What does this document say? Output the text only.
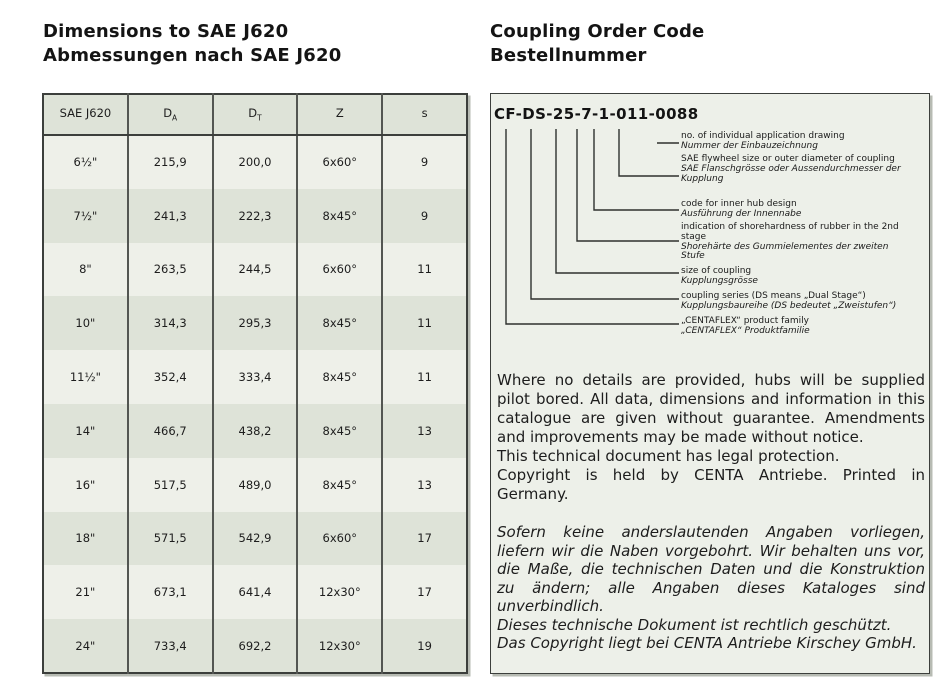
Dimensions to SAE J620
Abmessungen nach SAE J620
Coupling Order Code
Bestellnummer
SAE J620	$D_A$	$D_T$	Z	s
6½"	215,9	200,0	6x60°	9
7½"	241,3	222,3	8x45°	9
8"	263,5	244,5	6x60°	11
10"	314,3	295,3	8x45°	11
11½"	352,4	333,4	8x45°	11
14"	466,7	438,2	8x45°	13
16"	517,5	489,0	8x45°	13
18"	571,5	542,9	6x60°	17
21"	673,1	641,4	12x30°	17
24"	733,4	692,2	12x30°	19
CF-DS-25-7-1-011-0088
no. of individual application drawing
Nummer der Einbauzeichnung
SAE flywheel size or outer diameter of coupling
SAE Flanschgrösse oder Aussendurchmesser der Kupplung
code for inner hub design
Ausführung der Innennabe
indication of shorehardness of rubber in the 2nd stage
Shorehärte des Gummielementes der zweiten Stufe
size of coupling
Kupplungsgrösse
coupling series (DS means „Dual Stage“)
Kupplungsbaureihe (DS bedeutet „Zweistufen“)
„CENTAFLEX“ product family
„CENTAFLEX“ Produktfamilie

Where no details are provided, hubs will be supplied pilot bored. All data, dimensions and information in this catalogue are given without guarantee. Amendments and improvements may be made without notice.

This technical document has legal protection.

Copyright is held by CENTA Antriebe. Printed in Germany.

Sofern keine anderslautenden Angaben vorliegen, liefern wir die Naben vorgebohrt. Wir behalten uns vor, die Maße, die technischen Daten und die Konstruktion zu ändern; alle Angaben dieses Kataloges sind unverbindlich.

Dieses technische Dokument ist rechtlich geschützt.

Das Copyright liegt bei CENTA Antriebe Kirschey GmbH.
